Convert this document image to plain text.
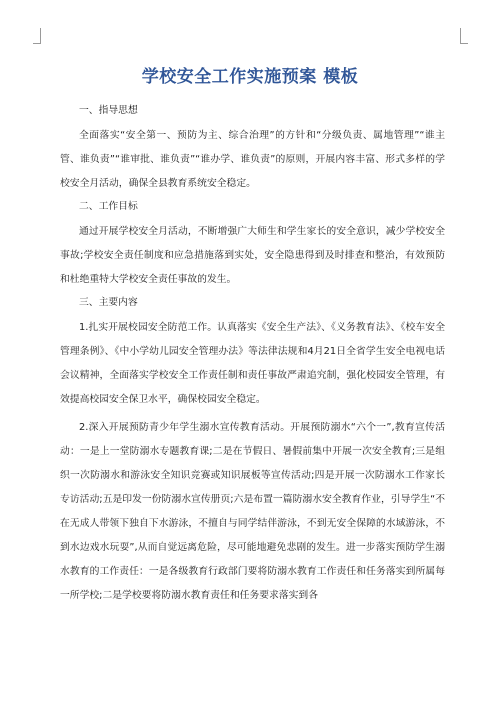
学校安全工作实施预案 模板
一、指导思想
全面落实“安全第一、预防为主、综合治理”的方针和“分级负责、属地管理”“谁主管、谁负责”“谁审批、谁负责”“谁办学、谁负责”的原则，开展内容丰富、形式多样的学校安全月活动，确保全县教育系统安全稳定。
二、工作目标
通过开展学校安全月活动，不断增强广大师生和学生家长的安全意识，减少学校安全事故;学校安全责任制度和应急措施落到实处，安全隐患得到及时排查和整治，有效预防和杜绝重特大学校安全责任事故的发生。
三、主要内容
1.扎实开展校园安全防范工作。认真落实《安全生产法》、《义务教育法》、《校车安全管理条例》、《中小学幼儿园安全管理办法》等法律法规和4月21日全省学生安全电视电话会议精神，全面落实学校安全工作责任制和责任事故严肃追究制，强化校园安全管理，有效提高校园安全保卫水平，确保校园安全稳定。
2.深入开展预防青少年学生溺水宣传教育活动。开展预防溺水“六个一”,教育宣传活动：一是上一堂防溺水专题教育课;二是在节假日、暑假前集中开展一次安全教育;三是组织一次防溺水和游泳安全知识竞赛或知识展板等宣传活动;四是开展一次防溺水工作家长专访活动;五是印发一份防溺水宣传册页;六是布置一篇防溺水安全教育作业，引导学生“不在无成人带领下独自下水游泳，不擅自与同学结伴游泳，不到无安全保障的水域游泳，不到水边戏水玩耍”,从而自觉远离危险，尽可能地避免悲剧的发生。进一步落实预防学生溺水教育的工作责任：一是各级教育行政部门要将防溺水教育工作责任和任务落实到所属每一所学校;二是学校要将防溺水教育责任和任务要求落实到各
